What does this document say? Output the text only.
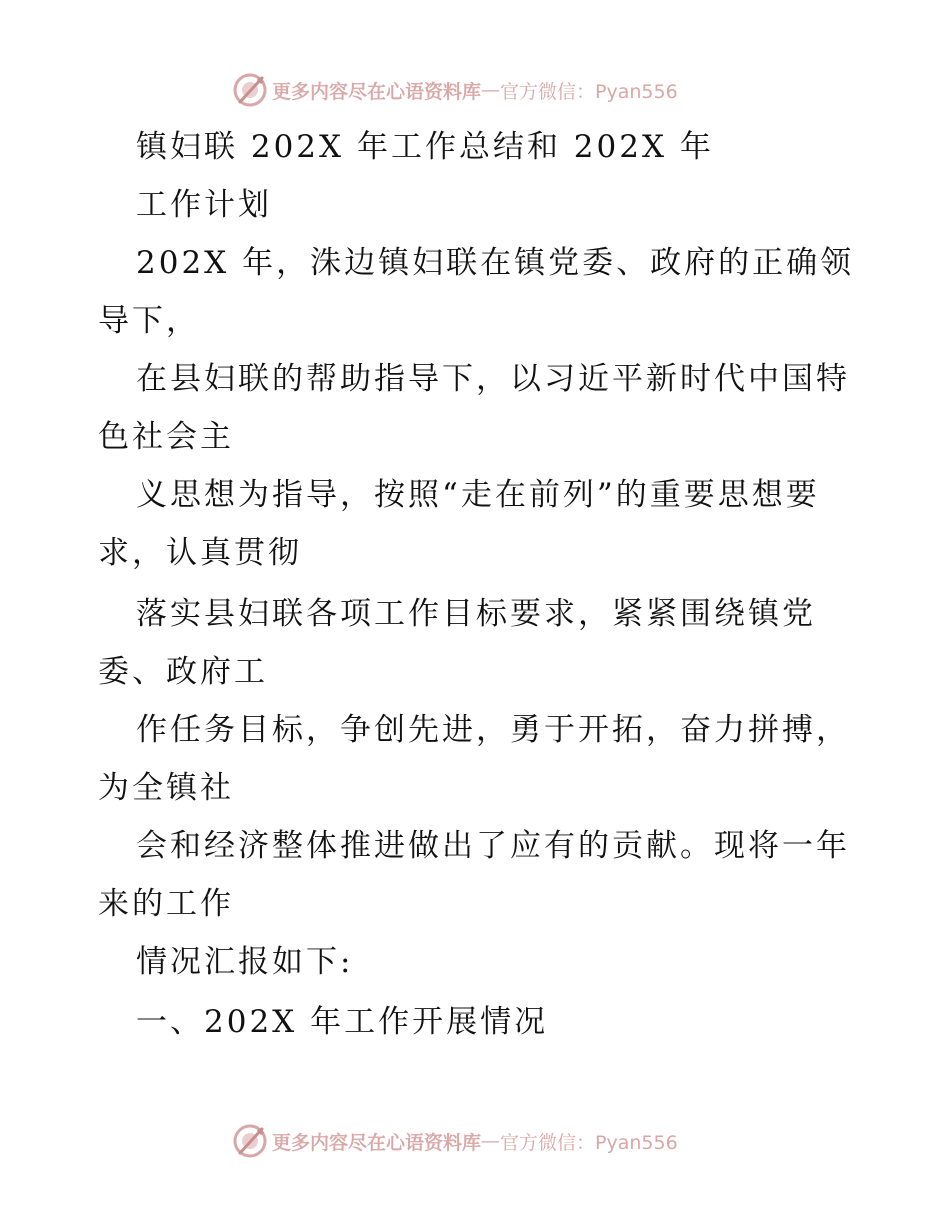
更多内容尽在心语资料库 — 官方微信：Pyan556
镇妇联 202X 年工作总结和 202X 年
工作计划
202X 年，洙边镇妇联在镇党委、政府的正确领
导下，
在县妇联的帮助指导下，以习近平新时代中国特
色社会主
义思想为指导，按照“走在前列”的重要思想要
求，认真贯彻
落实县妇联各项工作目标要求，紧紧围绕镇党
委、政府工
作任务目标，争创先进，勇于开拓，奋力拼搏，
为全镇社
会和经济整体推进做出了应有的贡献。现将一年
来的工作
情况汇报如下:
一、202X 年工作开展情况
更多内容尽在心语资料库 — 官方微信：Pyan556
